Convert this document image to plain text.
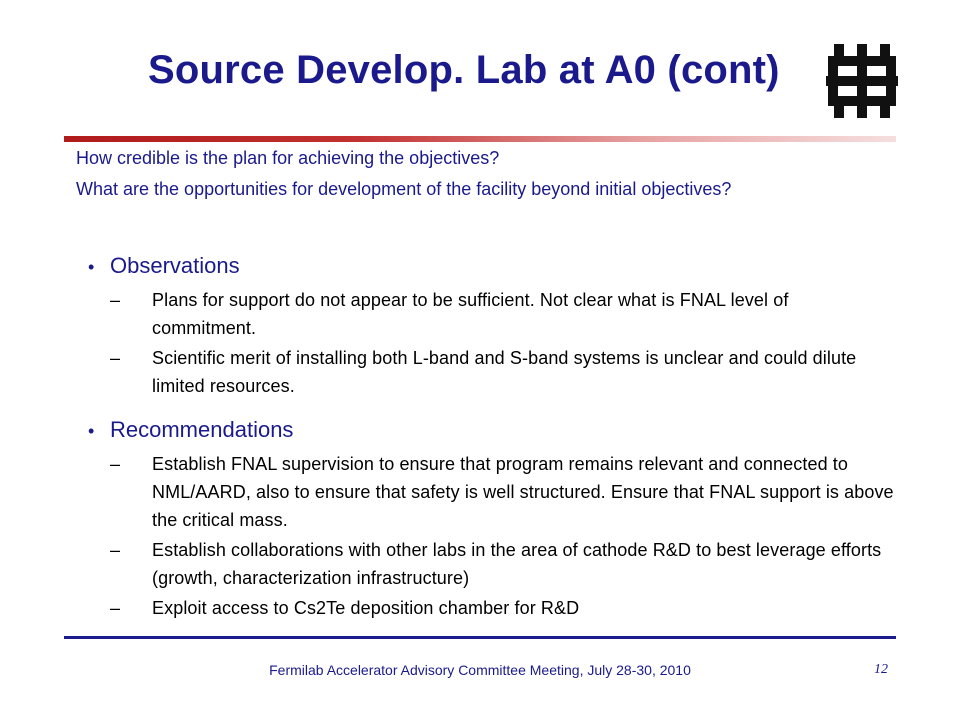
Source Develop. Lab at A0 (cont)
How credible is the plan for achieving the objectives?
What are the opportunities for development of the facility beyond initial objectives?
• Observations
–	Plans for support do not appear to be sufficient. Not clear what is FNAL level of commitment.
–	Scientific merit of installing both L-band and S-band systems is unclear and could dilute limited resources.
• Recommendations
–	Establish FNAL supervision to ensure that program remains relevant and connected to NML/AARD, also to ensure that safety is well structured. Ensure that FNAL support is above the critical mass.
–	Establish collaborations with other labs in the area of cathode R&D to best leverage efforts (growth, characterization infrastructure)
–	Exploit access to Cs2Te deposition chamber for R&D
Fermilab Accelerator Advisory Committee Meeting, July 28-30, 2010	12
